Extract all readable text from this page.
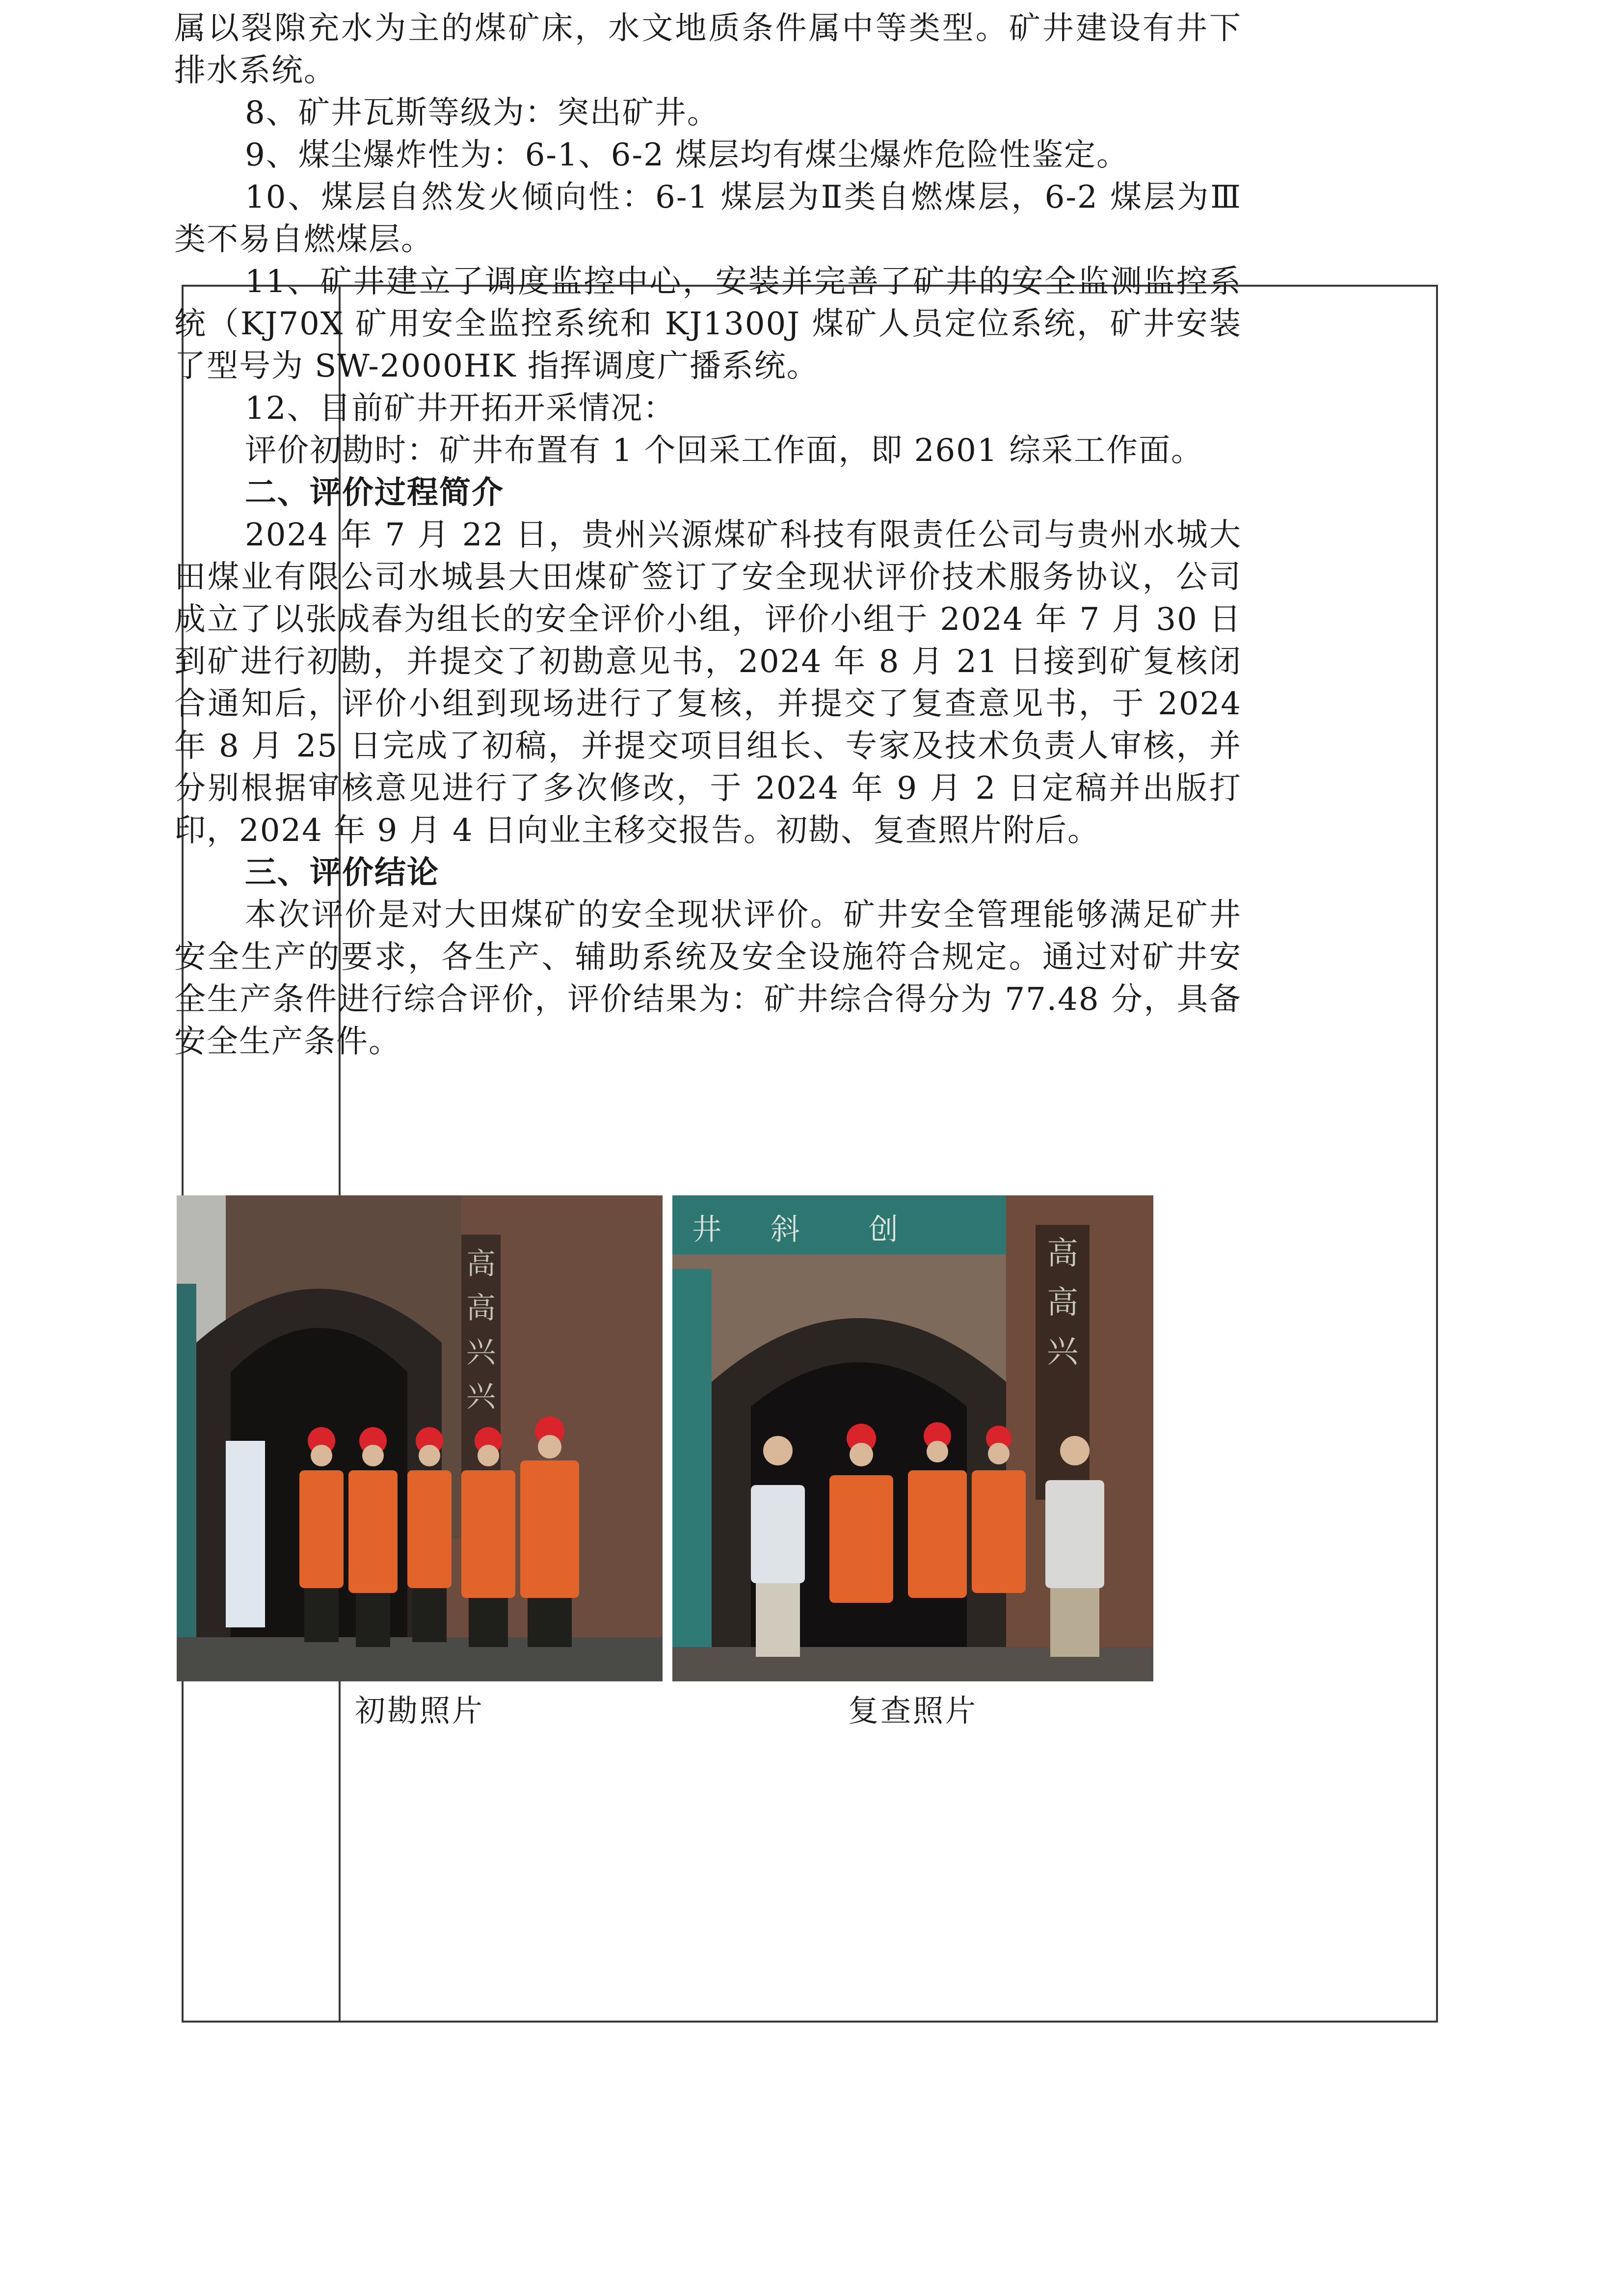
属以裂隙充水为主的煤矿床，水文地质条件属中等类型。矿井建设有井下排水系统。

8、矿井瓦斯等级为：突出矿井。

9、煤尘爆炸性为：6-1、6-2 煤层均有煤尘爆炸危险性鉴定。

10、煤层自然发火倾向性：6-1 煤层为Ⅱ类自燃煤层，6-2 煤层为Ⅲ类不易自燃煤层。

11、矿井建立了调度监控中心，安装并完善了矿井的安全监测监控系统（KJ70X 矿用安全监控系统和 KJ1300J 煤矿人员定位系统，矿井安装了型号为 SW-2000HK 指挥调度广播系统。

12、目前矿井开拓开采情况：

评价初勘时：矿井布置有 1 个回采工作面，即 2601 综采工作面。

二、评价过程简介

2024 年 7 月 22 日，贵州兴源煤矿科技有限责任公司与贵州水城大田煤业有限公司水城县大田煤矿签订了安全现状评价技术服务协议，公司成立了以张成春为组长的安全评价小组，评价小组于 2024 年 7 月 30 日到矿进行初勘，并提交了初勘意见书，2024 年 8 月 21 日接到矿复核闭合通知后，评价小组到现场进行了复核，并提交了复查意见书，于 2024 年 8 月 25 日完成了初稿，并提交项目组长、专家及技术负责人审核，并分别根据审核意见进行了多次修改，于 2024 年 9 月 2 日定稿并出版打印，2024 年 9 月 4 日向业主移交报告。初勘、复查照片附后。

三、评价结论

本次评价是对大田煤矿的安全现状评价。矿井安全管理能够满足矿井安全生产的要求，各生产、辅助系统及安全设施符合规定。通过对矿井安全生产条件进行综合评价，评价结果为：矿井综合得分为 77.48 分，具备安全生产条件。

高
高
兴
兴
井 斜 创
高
高
兴
初勘照片	复查照片
